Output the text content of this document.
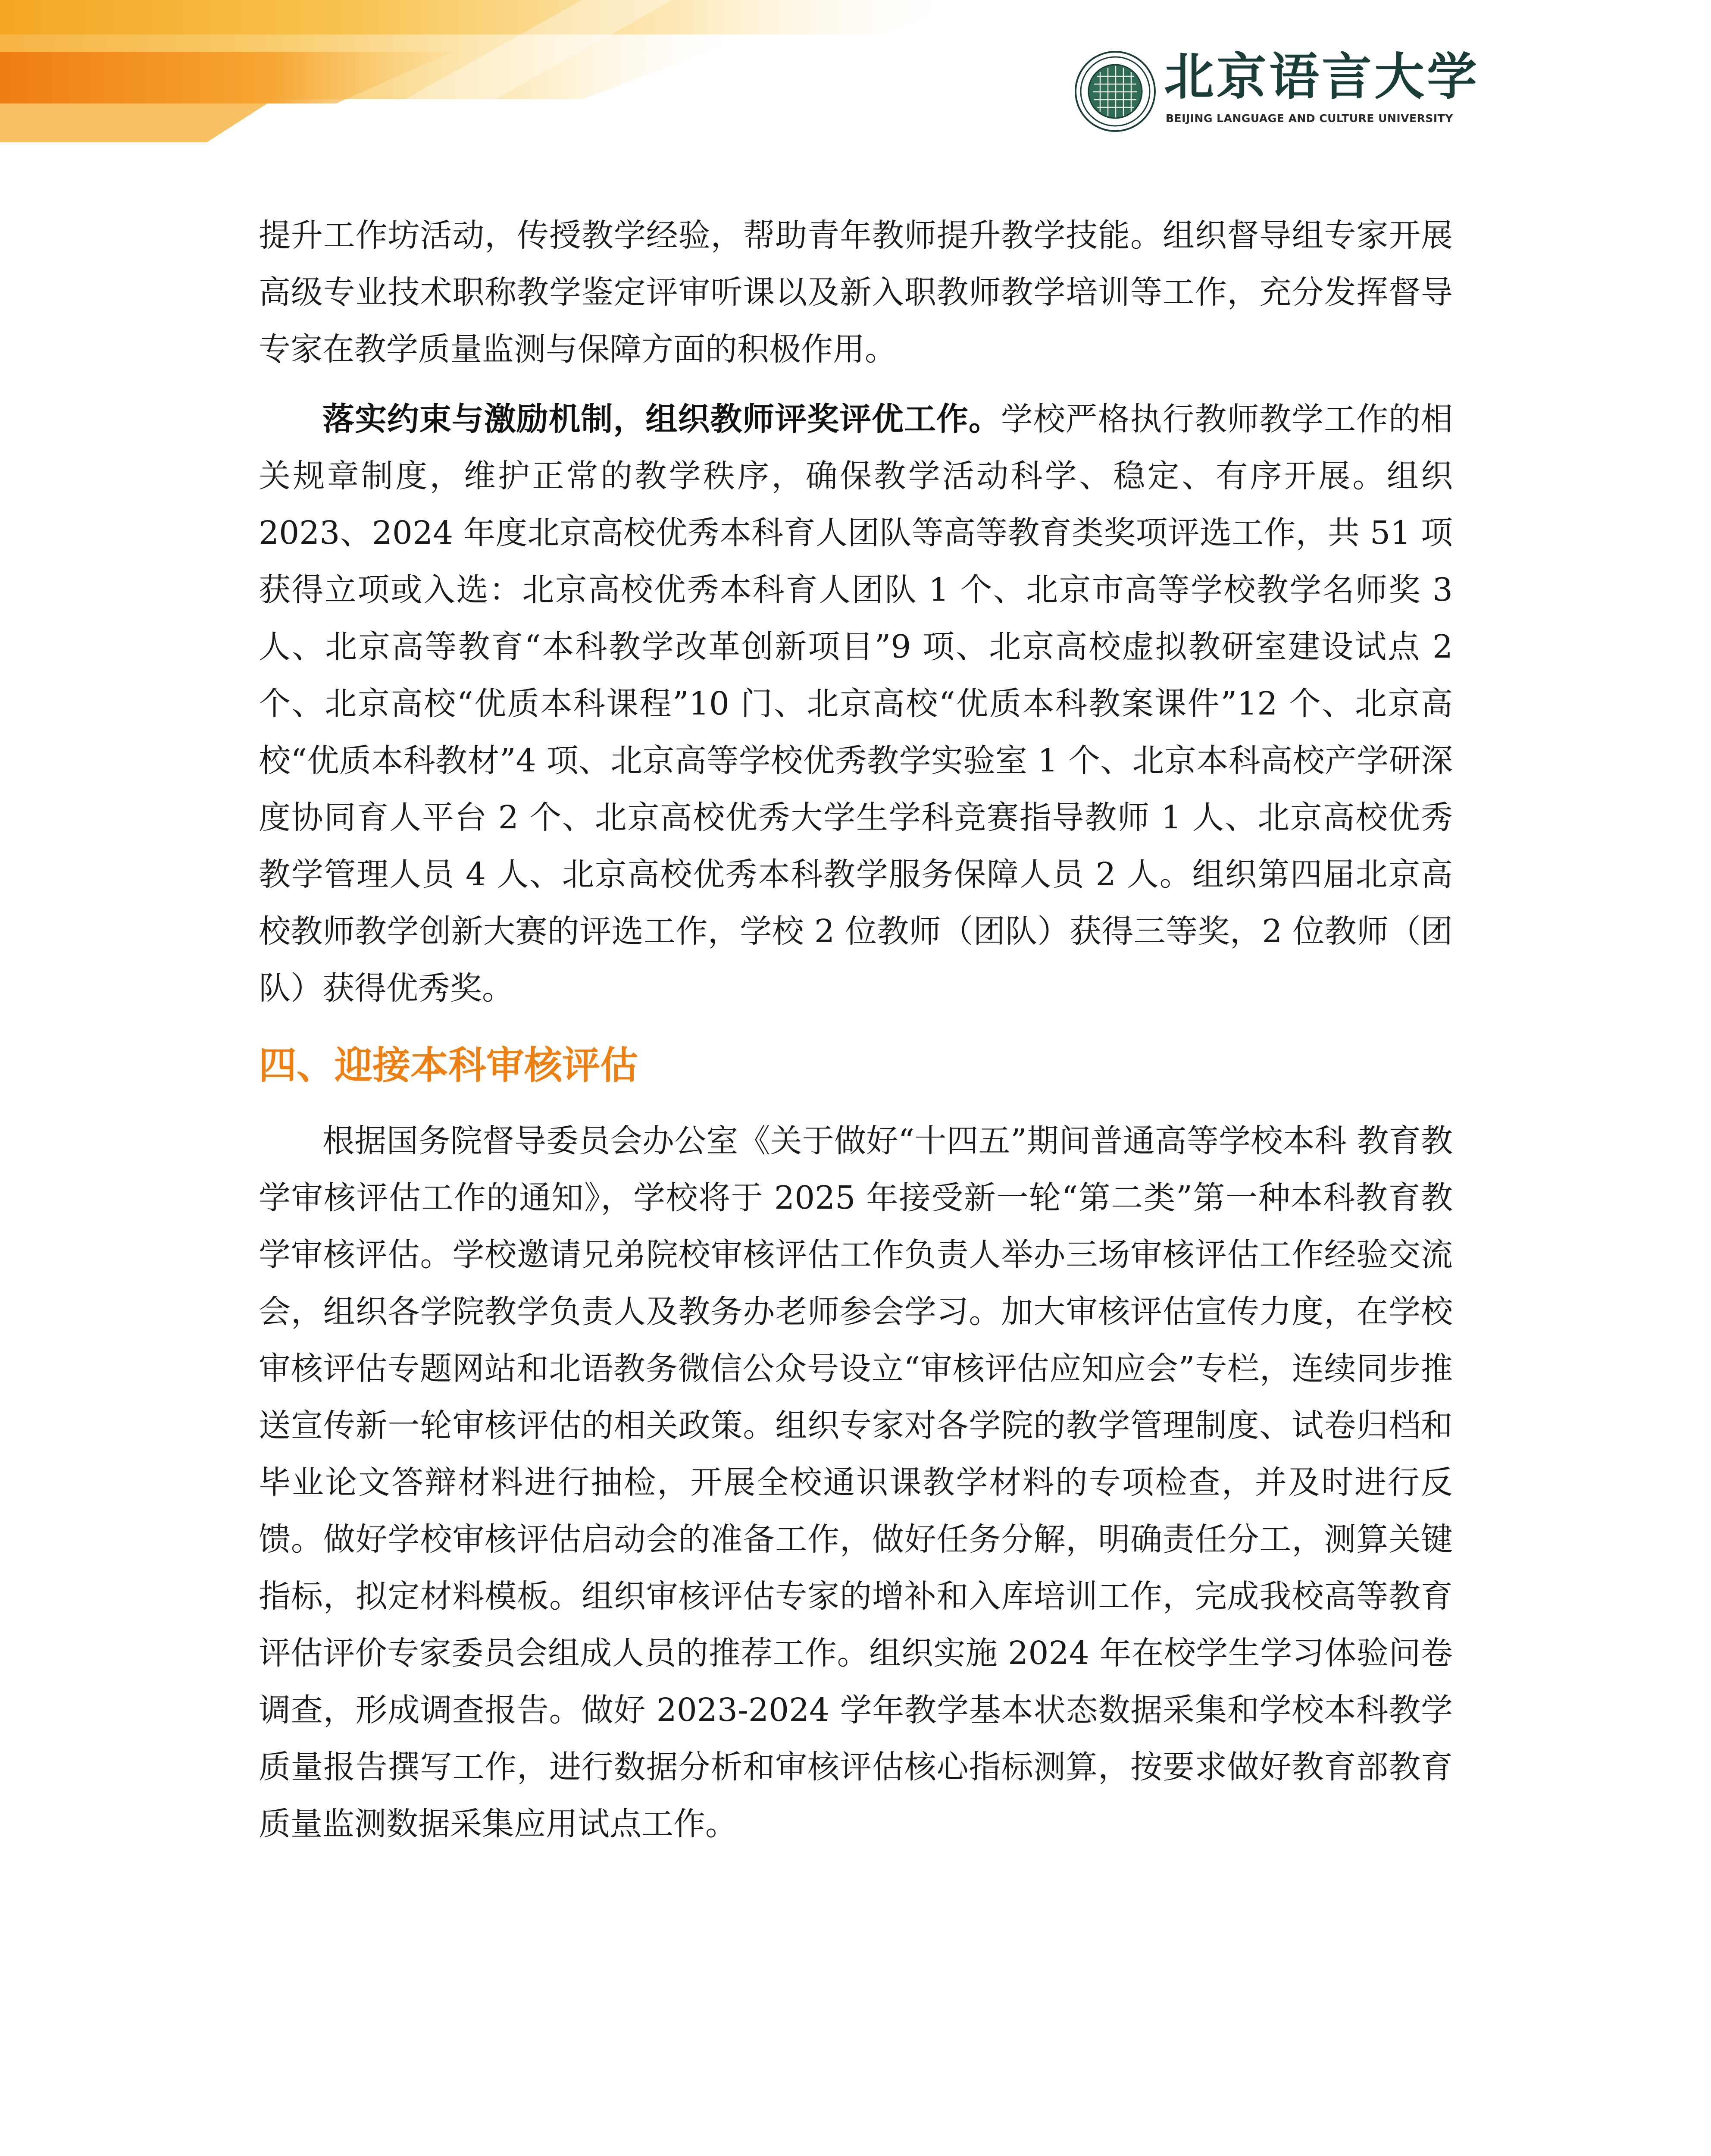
北京语言大学
BEIJING LANGUAGE AND CULTURE UNIVERSITY

提升工作坊活动，传授教学经验，帮助青年教师提升教学技能。组织督导组专家开展高级专业技术职称教学鉴定评审听课以及新入职教师教学培训等工作，充分发挥督导专家在教学质量监测与保障方面的积极作用。

落实约束与激励机制，组织教师评奖评优工作。学校严格执行教师教学工作的相关规章制度，维护正常的教学秩序，确保教学活动科学、稳定、有序开展。组织 2023、2024 年度北京高校优秀本科育人团队等高等教育类奖项评选工作，共 51 项获得立项或入选：北京高校优秀本科育人团队 1 个、北京市高等学校教学名师奖 3 人、北京高等教育“本科教学改革创新项目”9 项、北京高校虚拟教研室建设试点 2 个、北京高校“优质本科课程”10 门、北京高校“优质本科教案课件”12 个、北京高校“优质本科教材”4 项、北京高等学校优秀教学实验室 1 个、北京本科高校产学研深度协同育人平台 2 个、北京高校优秀大学生学科竞赛指导教师 1 人、北京高校优秀教学管理人员 4 人、北京高校优秀本科教学服务保障人员 2 人。组织第四届北京高校教师教学创新大赛的评选工作，学校 2 位教师（团队）获得三等奖，2 位教师（团队）获得优秀奖。

四、迎接本科审核评估

根据国务院督导委员会办公室《关于做好“十四五”期间普通高等学校本科 教育教学审核评估工作的通知》，学校将于 2025 年接受新一轮“第二类”第一种本科教育教学审核评估。学校邀请兄弟院校审核评估工作负责人举办三场审核评估工作经验交流会，组织各学院教学负责人及教务办老师参会学习。加大审核评估宣传力度，在学校审核评估专题网站和北语教务微信公众号设立“审核评估应知应会”专栏，连续同步推送宣传新一轮审核评估的相关政策。组织专家对各学院的教学管理制度、试卷归档和毕业论文答辩材料进行抽检，开展全校通识课教学材料的专项检查，并及时进行反馈。做好学校审核评估启动会的准备工作，做好任务分解，明确责任分工，测算关键指标，拟定材料模板。组织审核评估专家的增补和入库培训工作，完成我校高等教育评估评价专家委员会组成人员的推荐工作。组织实施 2024 年在校学生学习体验问卷调查，形成调查报告。做好 2023-2024 学年教学基本状态数据采集和学校本科教学质量报告撰写工作，进行数据分析和审核评估核心指标测算，按要求做好教育部教育质量监测数据采集应用试点工作。
